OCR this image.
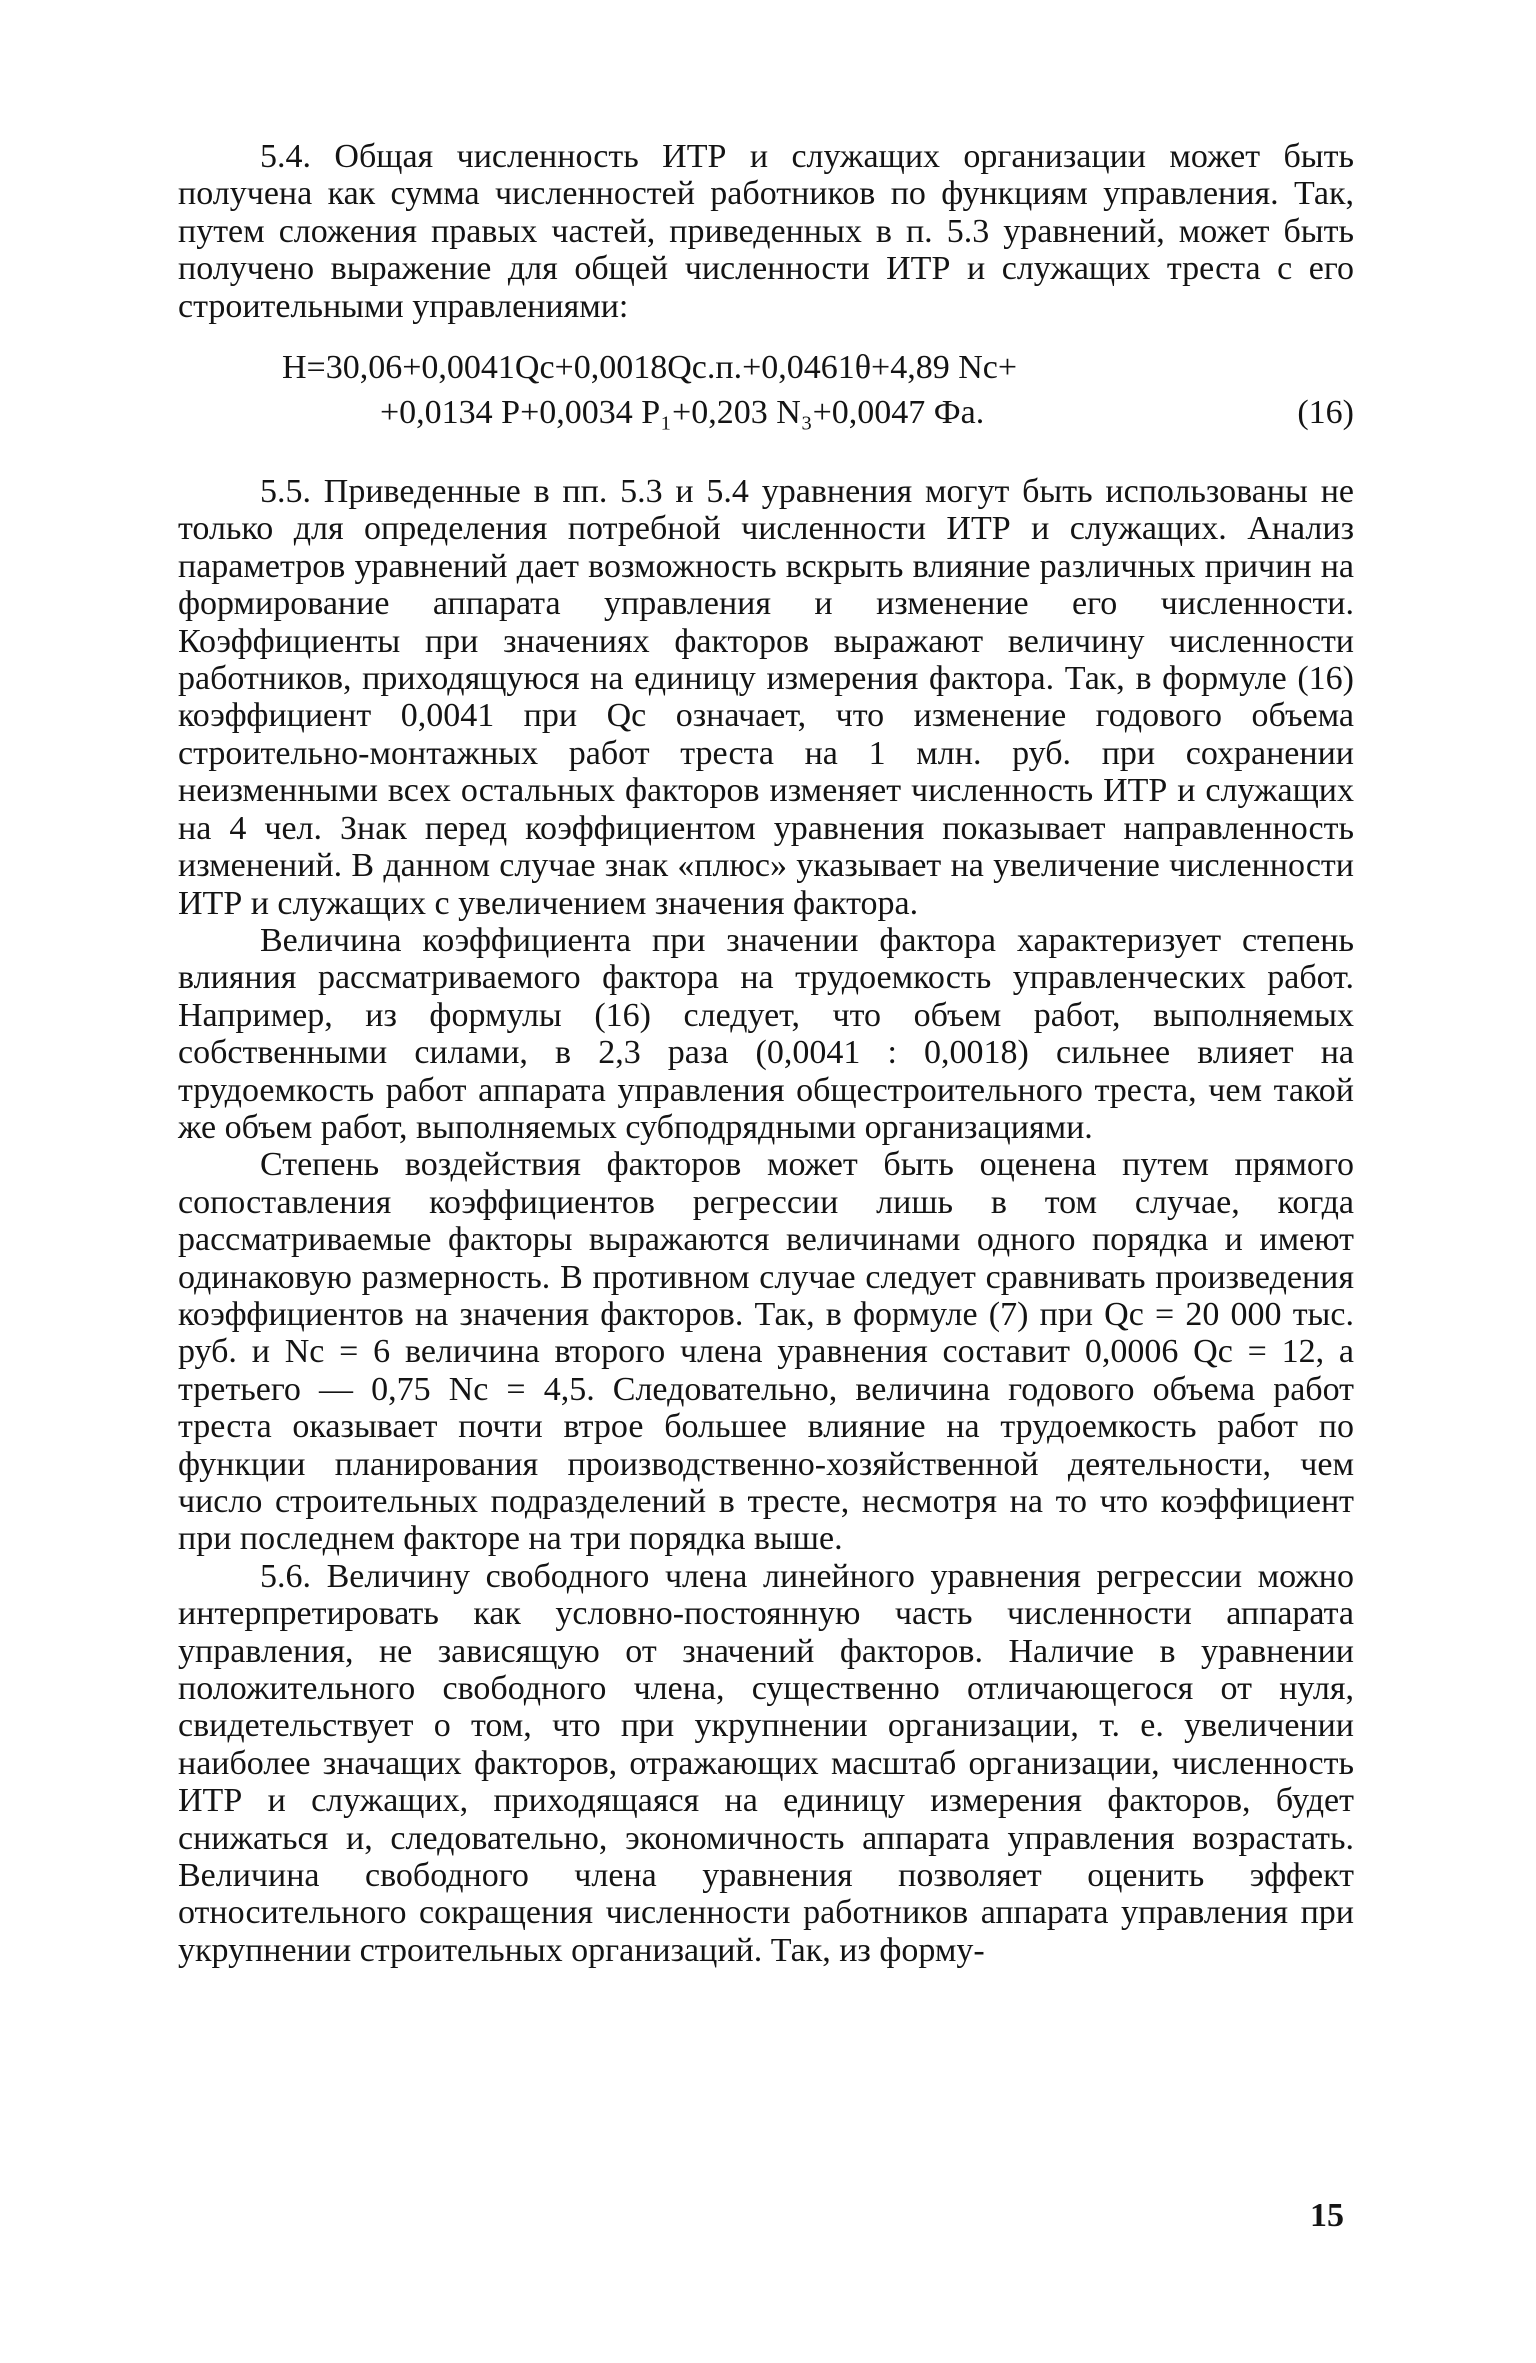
5.4. Общая численность ИТР и служащих организации может быть получена как сумма численностей работников по функциям управления. Так, путем сложения правых частей, приведенных в п. 5.3 уравнений, может быть получено выражение для общей численности ИТР и служащих треста с его строительными управлениями:

H=30,06+0,0041Qс+0,0018Qс.п.+0,0461θ+4,89 Nс+
+0,0134 P+0,0034 P₁+0,203 N₃+0,0047 Фа.	(16)

5.5. Приведенные в пп. 5.3 и 5.4 уравнения могут быть использованы не только для определения потребной численности ИТР и служащих. Анализ параметров уравнений дает возможность вскрыть влияние различных причин на формирование аппарата управления и изменение его численности. Коэффициенты при значениях факторов выражают величину численности работников, приходящуюся на единицу измерения фактора. Так, в формуле (16) коэффициент 0,0041 при Qс означает, что изменение годового объема строительно-монтажных работ треста на 1 млн. руб. при сохранении неизменными всех остальных факторов изменяет численность ИТР и служащих на 4 чел. Знак перед коэффициентом уравнения показывает направленность изменений. В данном случае знак «плюс» указывает на увеличение численности ИТР и служащих с увеличением значения фактора.

Величина коэффициента при значении фактора характеризует степень влияния рассматриваемого фактора на трудоемкость управленческих работ. Например, из формулы (16) следует, что объем работ, выполняемых собственными силами, в 2,3 раза (0,0041 : 0,0018) сильнее влияет на трудоемкость работ аппарата управления общестроительного треста, чем такой же объем работ, выполняемых субподрядными организациями.

Степень воздействия факторов может быть оценена путем прямого сопоставления коэффициентов регрессии лишь в том случае, когда рассматриваемые факторы выражаются величинами одного порядка и имеют одинаковую размерность. В противном случае следует сравнивать произведения коэффициентов на значения факторов. Так, в формуле (7) при Qс = 20 000 тыс. руб. и Nс = 6 величина второго члена уравнения составит 0,0006 Qс = 12, а третьего — 0,75 Nс = 4,5. Следовательно, величина годового объема работ треста оказывает почти втрое большее влияние на трудоемкость работ по функции планирования производственно-хозяйственной деятельности, чем число строительных подразделений в тресте, несмотря на то что коэффициент при последнем факторе на три порядка выше.

5.6. Величину свободного члена линейного уравнения регрессии можно интерпретировать как условно-постоянную часть численности аппарата управления, не зависящую от значений факторов. Наличие в уравнении положительного свободного члена, существенно отличающегося от нуля, свидетельствует о том, что при укрупнении организации, т. е. увеличении наиболее значащих факторов, отражающих масштаб организации, численность ИТР и служащих, приходящаяся на единицу измерения факторов, будет снижаться и, следовательно, экономичность аппарата управления возрастать. Величина свободного члена уравнения позволяет оценить эффект относительного сокращения численности работников аппарата управления при укрупнении строительных организаций. Так, из форму-

15
